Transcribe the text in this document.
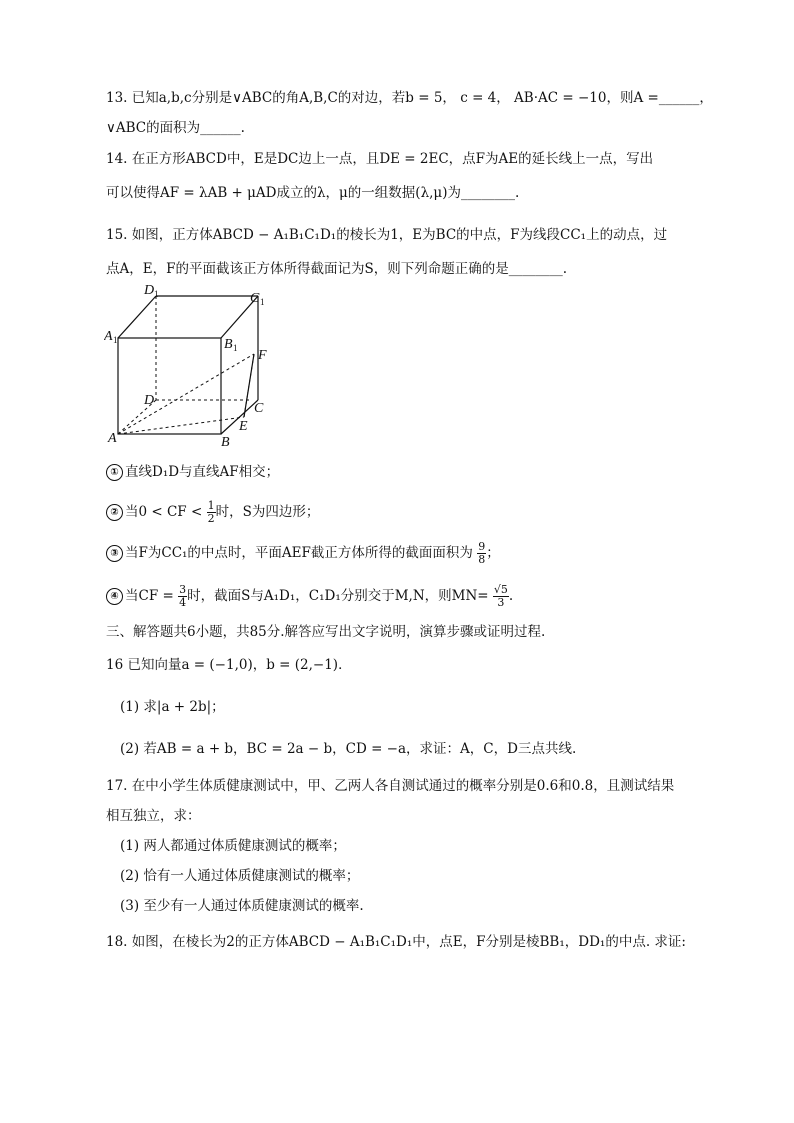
13. 已知a,b,c分别是∨ABC的角A,B,C的对边，若b = 5， c = 4， AB·AC = −10，则A =______，
∨ABC的面积为______.
14. 在正方形ABCD中，E是DC边上一点，且DE = 2EC，点F为AE的延长线上一点，写出
可以使得AF = λAB + μAD成立的λ，μ的一组数据(λ,μ)为________.
15. 如图，正方体ABCD − A₁B₁C₁D₁的棱长为1，E为BC的中点，F为线段CC₁上的动点，过
点A，E，F的平面截该正方体所得截面记为S，则下列命题正确的是________.
D 1	C 1
A 1	B 1 F
D
C
E
A	B
① 直线D₁D与直线AF相交；
② 当0 < CF < $\frac{1}{2}$ 时，S为四边形；
③ 当F为CC₁的中点时，平面AEF截正方体所得的截面面积为 $\frac{9}{8}$ ；
④ 当CF = $\frac{3}{4}$ 时，截面S与A₁D₁，C₁D₁分别交于M,N，则$MN= \frac{√5}{3}$ .
三、解答题共6小题，共85分.解答应写出文字说明，演算步骤或证明过程.
16 已知向量a = (−1,0)，b = (2,−1)．
(1) 求|a + 2b|；
(2) 若AB = a + b，BC = 2a − b，CD = −a，求证：A，C，D三点共线.
17. 在中小学生体质健康测试中，甲、乙两人各自测试通过的概率分别是0.6和0.8，且测试结果
相互独立，求：
(1) 两人都通过体质健康测试的概率；
(2) 恰有一人通过体质健康测试的概率；
(3) 至少有一人通过体质健康测试的概率.
18. 如图，在棱长为2的正方体ABCD − A₁B₁C₁D₁中，点E，F分别是棱BB₁，DD₁的中点. 求证:
